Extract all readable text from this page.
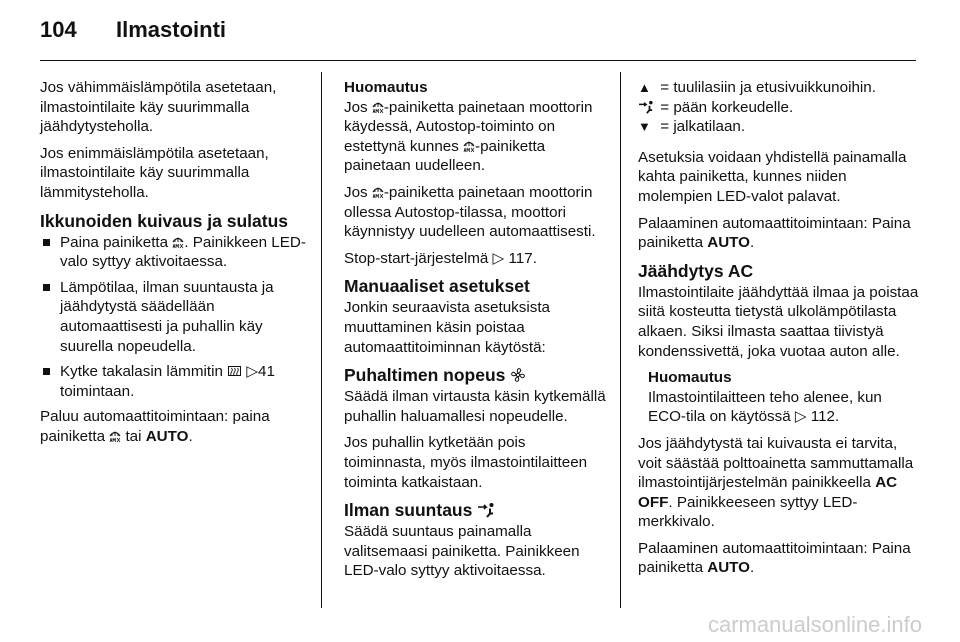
104 Ilmastointi

Jos vähimmäislämpötila asetetaan, ilmastointilaite käy suurimmalla jäähdytysteholla.

Jos enimmäislämpötila asetetaan, ilmastointilaite käy suurimmalla lämmitysteholla.

Ikkunoiden kuivaus ja sulatus
Paina painiketta . Painikkeen LED-valo syttyy aktivoitaessa.
Lämpötilaa, ilman suuntausta ja jäähdytystä säädellään automaattisesti ja puhallin käy suurella nopeudella.
Kytke takalasin lämmitin  ▷41
toimintaan.

Paluu automaattitoimintaan: paina painiketta  tai AUTO.

Huomautus

Jos -painiketta painetaan moottorin käydessä, Autostop-toiminto on estettynä kunnes -painiketta painetaan uudelleen.

Jos -painiketta painetaan moottorin ollessa Autostop-tilassa, moottori käynnistyy uudelleen automaattisesti.

Stop-start-järjestelmä ▷ 117.

Manuaaliset asetukset

Jonkin seuraavista asetuksista muuttaminen käsin poistaa automaattitoiminnan käytöstä:

Puhaltimen nopeus

Säädä ilman virtausta käsin kytkemällä puhallin haluamallesi nopeudelle.

Jos puhallin kytketään pois toiminnasta, myös ilmastointilaitteen toiminta katkaistaan.

Ilman suuntaus

Säädä suuntaus painamalla valitsemaasi painiketta. Painikkeen LED-valo syttyy aktivoitaessa.

▲ = tuulilasiin ja etusivuikkunoihin.
= pään korkeudelle.
▼ = jalkatilaan.

Asetuksia voidaan yhdistellä painamalla kahta painiketta, kunnes niiden molempien LED-valot palavat.

Palaaminen automaattitoimintaan: Paina painiketta AUTO.

Jäähdytys AC

Ilmastointilaite jäähdyttää ilmaa ja poistaa siitä kosteutta tietystä ulkolämpötilasta alkaen. Siksi ilmasta saattaa tiivistyä kondenssivettä, joka vuotaa auton alle.

Huomautus

Ilmastointilaitteen teho alenee, kun ECO-tila on käytössä ▷ 112.

Jos jäähdytystä tai kuivausta ei tarvita, voit säästää polttoainetta sammuttamalla ilmastointijärjestelmän painikkeella AC OFF. Painikkeeseen syttyy LED-merkkivalo.

Palaaminen automaattitoimintaan: Paina painiketta AUTO.

carmanualsonline.info
